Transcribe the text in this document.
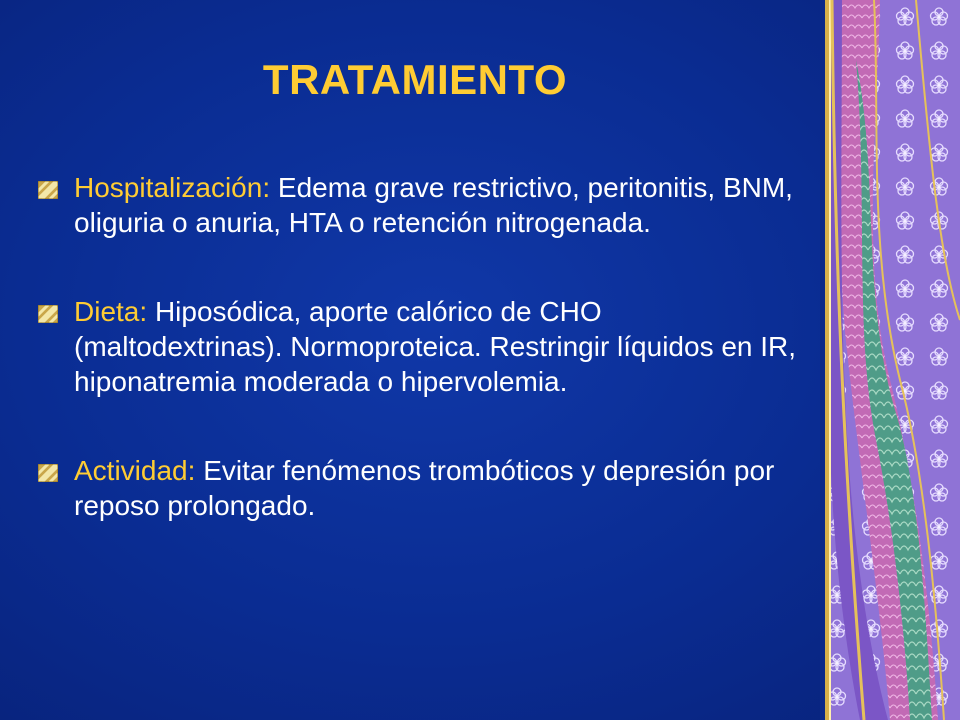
TRATAMIENTO
Hospitalización: Edema grave restrictivo, peritonitis, BNM, oliguria o anuria, HTA o retención nitrogenada.
Dieta: Hiposódica, aporte calórico de CHO (maltodextrinas). Normoproteica. Restringir líquidos en IR, hiponatremia moderada o hipervolemia.
Actividad: Evitar fenómenos trombóticos y depresión por reposo prolongado.
